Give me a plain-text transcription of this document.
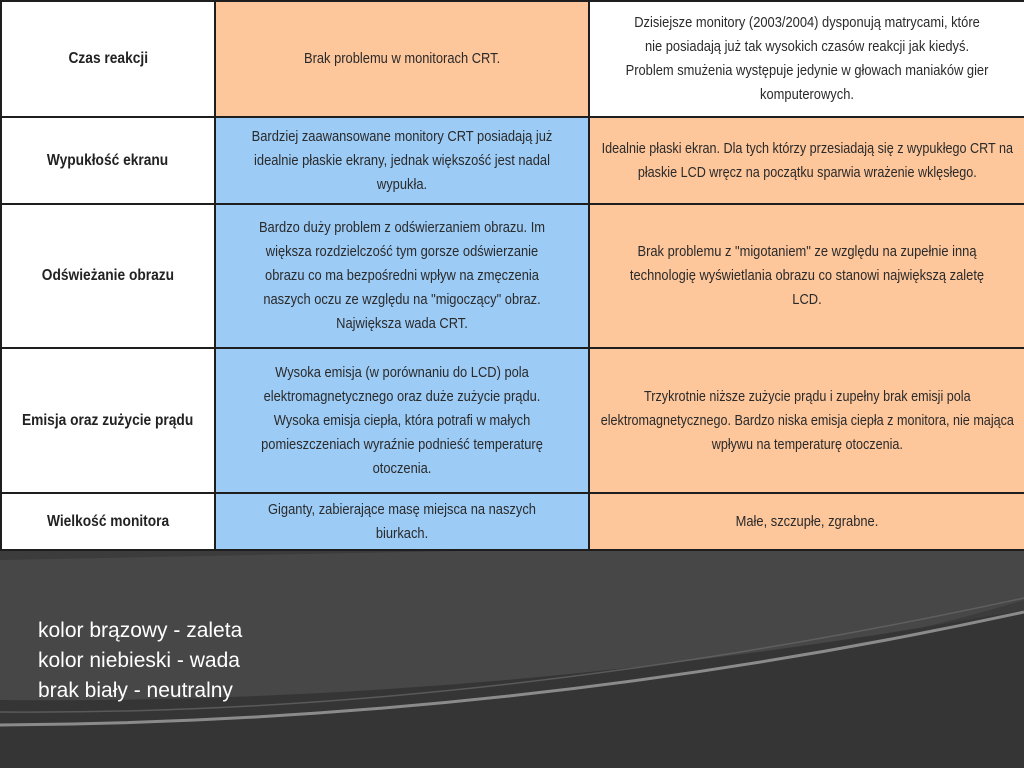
Czas reakcji	Brak problemu w monitorach CRT.	Dzisiejsze monitory (2003/2004) dysponują matrycami, które nie posiadają już tak wysokich czasów reakcji jak kiedyś. Problem smużenia występuje jedynie w głowach maniaków gier komputerowych.
Wypukłość ekranu	Bardziej zaawansowane monitory CRT posiadają już idealnie płaskie ekrany, jednak większość jest nadal wypukła.	Idealnie płaski ekran. Dla tych którzy przesiadają się z wypukłego CRT na płaskie LCD wręcz na początku sparwia wrażenie wklęsłego.
Odświeżanie obrazu	Bardzo duży problem z odświerzaniem obrazu. Im większa rozdzielczość tym gorsze odświerzanie obrazu co ma bezpośredni wpływ na zmęczenia naszych oczu ze względu na "migoczący" obraz. Największa wada CRT.	Brak problemu z "migotaniem" ze względu na zupełnie inną technologię wyświetlania obrazu co stanowi największą zaletę LCD.
Emisja oraz zużycie prądu	Wysoka emisja (w porównaniu do LCD) pola elektromagnetycznego oraz duże zużycie prądu. Wysoka emisja ciepła, która potrafi w małych pomieszczeniach wyraźnie podnieść temperaturę otoczenia.	Trzykrotnie niższe zużycie prądu i zupełny brak emisji pola elektromagnetycznego. Bardzo niska emisja ciepła z monitora, nie mająca wpływu na temperaturę otoczenia.
Wielkość monitora	Giganty, zabierające masę miejsca na naszych biurkach.	Małe, szczupłe, zgrabne.
kolor brązowy - zaleta
kolor niebieski - wada
brak biały - neutralny
